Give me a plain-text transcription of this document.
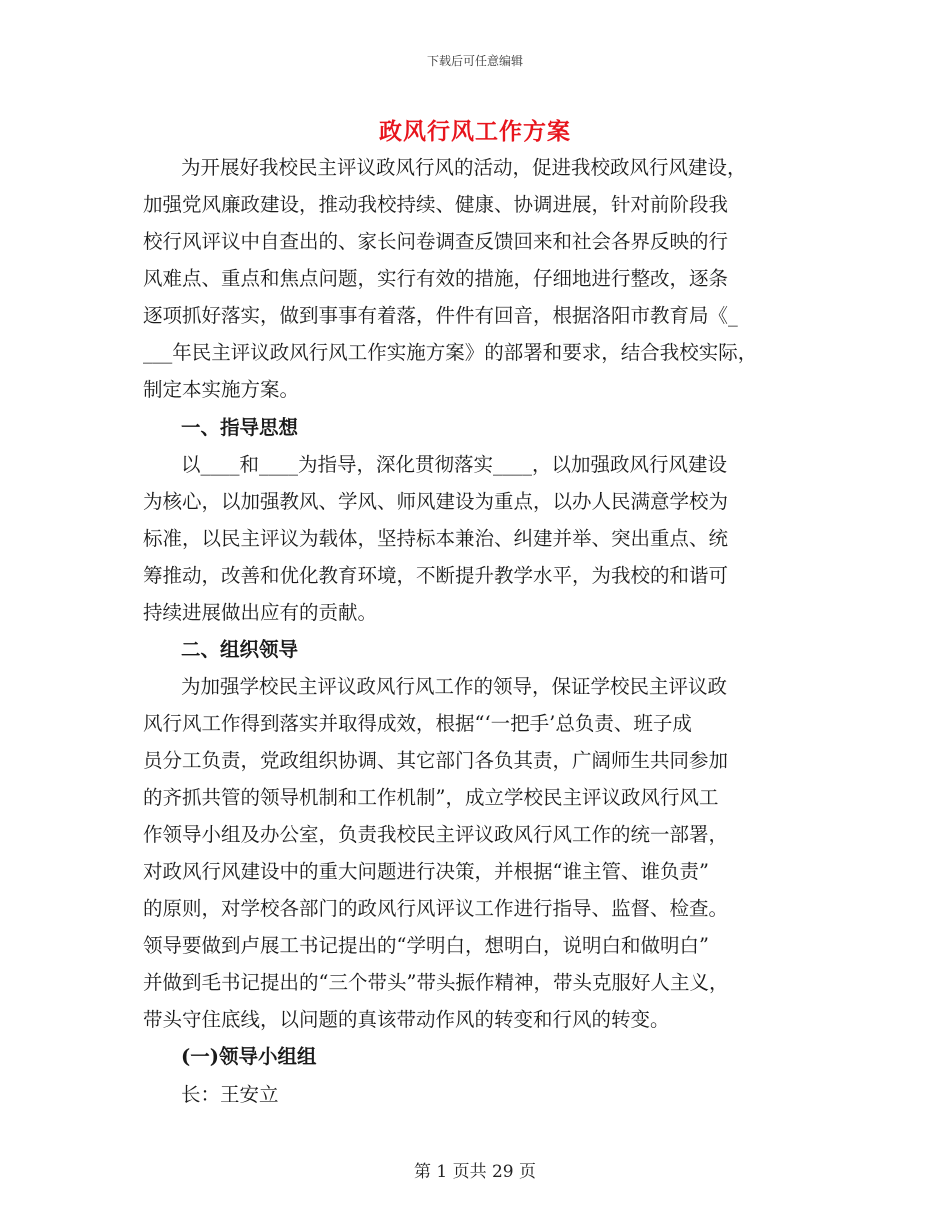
下载后可任意编辑
政风行风工作方案
为开展好我校民主评议政风行风的活动，促进我校政风行风建设，
加强党风廉政建设，推动我校持续、健康、协调进展，针对前阶段我
校行风评议中自查出的、家长问卷调查反馈回来和社会各界反映的行
风难点、重点和焦点问题，实行有效的措施，仔细地进行整改，逐条
逐项抓好落实，做到事事有着落，件件有回音，根据洛阳市教育局《_
___年民主评议政风行风工作实施方案》的部署和要求，结合我校实际，
制定本实施方案。
一、指导思想
以____和____为指导，深化贯彻落实____，以加强政风行风建设
为核心，以加强教风、学风、师风建设为重点，以办人民满意学校为
标准，以民主评议为载体，坚持标本兼治、纠建并举、突出重点、统
筹推动，改善和优化教育环境，不断提升教学水平，为我校的和谐可
持续进展做出应有的贡献。
二、组织领导
为加强学校民主评议政风行风工作的领导，保证学校民主评议政
风行风工作得到落实并取得成效，根据“‘一把手’总负责、班子成
员分工负责，党政组织协调、其它部门各负其责，广阔师生共同参加
的齐抓共管的领导机制和工作机制”，成立学校民主评议政风行风工
作领导小组及办公室，负责我校民主评议政风行风工作的统一部署，
对政风行风建设中的重大问题进行决策，并根据“谁主管、谁负责”
的原则，对学校各部门的政风行风评议工作进行指导、监督、检查。
领导要做到卢展工书记提出的“学明白，想明白，说明白和做明白”
并做到毛书记提出的“三个带头”带头振作精神，带头克服好人主义，
带头守住底线，以问题的真该带动作风的转变和行风的转变。
(一)领导小组组
长：王安立
第 1 页共 29 页
